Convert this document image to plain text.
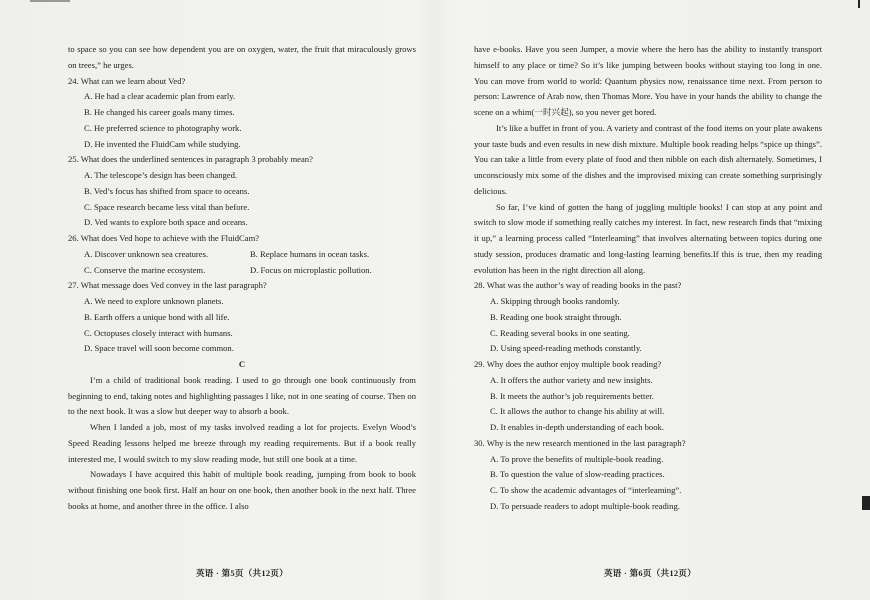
to space so you can see how dependent you are on oxygen, water, the fruit that miraculously grows on trees,” he urges.

24. What can we learn about Ved?

A. He had a clear academic plan from early.

B. He changed his career goals many times.

C. He preferred science to photography work.

D. He invented the FluidCam while studying.

25. What does the underlined sentences in paragraph 3 probably mean?

A. The telescope’s design has been changed.

B. Ved’s focus has shifted from space to oceans.

C. Space research became less vital than before.

D. Ved wants to explore both space and oceans.

26. What does Ved hope to achieve with the FluidCam?

A. Discover unknown sea creatures.	B. Replace humans in ocean tasks.
C. Conserve the marine ecosystem.	D. Focus on microplastic pollution.

27. What message does Ved convey in the last paragraph?

A. We need to explore unknown planets.

B. Earth offers a unique bond with all life.

C. Octopuses closely interact with humans.

D. Space travel will soon become common.

C

I’m a child of traditional book reading. I used to go through one book continuously from beginning to end, taking notes and highlighting passages I like, not in one seating of course. Then on to the next book. It was a slow but deeper way to absorb a book.

When I landed a job, most of my tasks involved reading a lot for projects. Evelyn Wood’s Speed Reading lessons helped me breeze through my reading requirements. But if a book really interested me, I would switch to my slow reading mode, but still one book at a time.

Nowadays I have acquired this habit of multiple book reading, jumping from book to book without finishing one book first. Half an hour on one book, then another book in the next half. Three books at home, and another three in the office. I also

have e-books. Have you seen Jumper, a movie where the hero has the ability to instantly transport himself to any place or time? So it’s like jumping between books without staying too long in one. You can move from world to world: Quantum physics now, renaissance time next. From person to person: Lawrence of Arab now, then Thomas More. You have in your hands the ability to change the scene on a whim(一时兴起), so you never get bored.

It’s like a buffet in front of you. A variety and contrast of the food items on your plate awakens your taste buds and even results in new dish mixture. Multiple book reading helps “spice up things”. You can take a little from every plate of food and then nibble on each dish alternately. Sometimes, I unconsciously mix some of the dishes and the improvised mixing can create something surprisingly delicious.

So far, I’ve kind of gotten the hang of juggling multiple books! I can stop at any point and switch to slow mode if something really catches my interest. In fact, new research finds that “mixing it up,” a learning process called “Interleaming” that involves alternating between topics during one study session, produces dramatic and long-lasting learning benefits.If this is true, then my reading evolution has been in the right direction all along.

28. What was the author’s way of reading books in the past?

A. Skipping through books randomly.

B. Reading one book straight through.

C. Reading several books in one seating.

D. Using speed-reading methods constantly.

29. Why does the author enjoy multiple book reading?

A. It offers the author variety and new insights.

B. It meets the author’s job requirements better.

C. It allows the author to change his ability at will.

D. It enables in-depth understanding of each book.

30. Why is the new research mentioned in the last paragraph?

A. To prove the benefits of multiple-book reading.

B. To question the value of slow-reading practices.

C. To show the academic advantages of “interleaming”.

D. To persuade readers to adopt multiple-book reading.

英语 · 第5页（共12页）	英语 · 第6页（共12页）
